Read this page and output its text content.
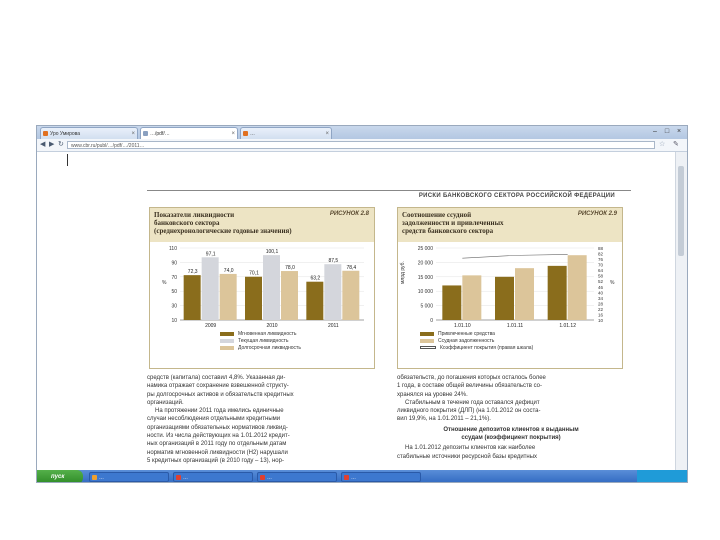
Уро Умирова	×	…/pdf/…	×	…	×	–	□	×
◀ ▶ ↻	www.cbr.ru/publ/…/pdf/…/2011…	☆ ✎
РИСКИ БАНКОВСКОГО СЕКТОРА РОССИЙСКОЙ ФЕДЕРАЦИИ
Показатели ликвидности
банковского сектора
(среднехронологические годовые значения)
РИСУНОК 2.8
10
30
50
70
90
110
%
72,3
97,1
74,0
2009
70,1
100,1
78,0
2010
63,2
87,5
78,4
2011
Мгновенная ликвидность
Текущая ликвидность
Долгосрочная ликвидность
Соотношение ссудной
задолженности и привлеченных
средств банковского сектора
РИСУНОК 2.9
0
5 000
10 000
15 000
20 000
25 000
10
16
22
28
34
40
46
52
58
64
70
76
82
88
млрд руб.	%
1.01.10	1.01.11	1.01.12
Привлеченные средства
Ссудная задолженность
Коэффициент покрытия (правая шкала)

средств (капитала) составил 4,8%. Указанная ди-

намика отражает сохранение взвешенной структу-

ры долгосрочных активов и обязательств кредитных

организаций.

На протяжении 2011 года имелись единичные

случаи несоблюдения отдельными кредитными

организациями обязательных нормативов ликвид-

ности. Из числа действующих на 1.01.2012 кредит-

ных организаций в 2011 году по отдельным датам

норматив мгновенной ликвидности (Н2) нарушали

5 кредитных организаций (в 2010 году – 13), нор-

обязательств, до погашения которых осталось более

1 года, в составе общей величины обязательств со-

хранялся на уровне 24%.

Стабильным в течение года оставался дефицит

ликвидного покрытия (ДЛП) (на 1.01.2012 он соста-

вил 19,9%, на 1.01.2011 – 21,1%).

Отношение депозитов клиентов к выданным

ссудам (коэффициент покрытия)

На 1.01.2012 депозиты клиентов как наиболее

стабильные источники ресурсной базы кредитных

пуск	…	…	…	…
